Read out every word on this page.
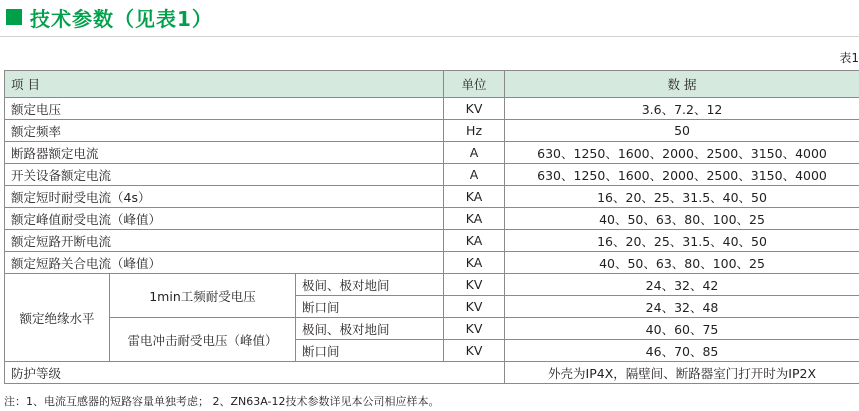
技术参数（见表1）
表1
项 目			单位	数 据
额定电压			KV	3.6、7.2、12
额定频率			Hz	50
断路器额定电流			A	630、1250、1600、2000、2500、3150、4000
开关设备额定电流			A	630、1250、1600、2000、2500、3150、4000
额定短时耐受电流（4s）			KA	16、20、25、31.5、40、50
额定峰值耐受电流（峰值）			KA	40、50、63、80、100、25
额定短路开断电流			KA	16、20、25、31.5、40、50
额定短路关合电流（峰值）			KA	40、50、63、80、100、25
额定绝缘水平	1min工频耐受电压	极间、极对地间	KV	24、32、42
		断口间	KV	24、32、48
	雷电冲击耐受电压（峰值）	极间、极对地间	KV	40、60、75
		断口间	KV	46、70、85
防护等级				外壳为IP4X，隔壁间、断路器室门打开时为IP2X
注：1、电流互感器的短路容量单独考虑； 2、ZN63A-12技术参数详见本公司相应样本。
